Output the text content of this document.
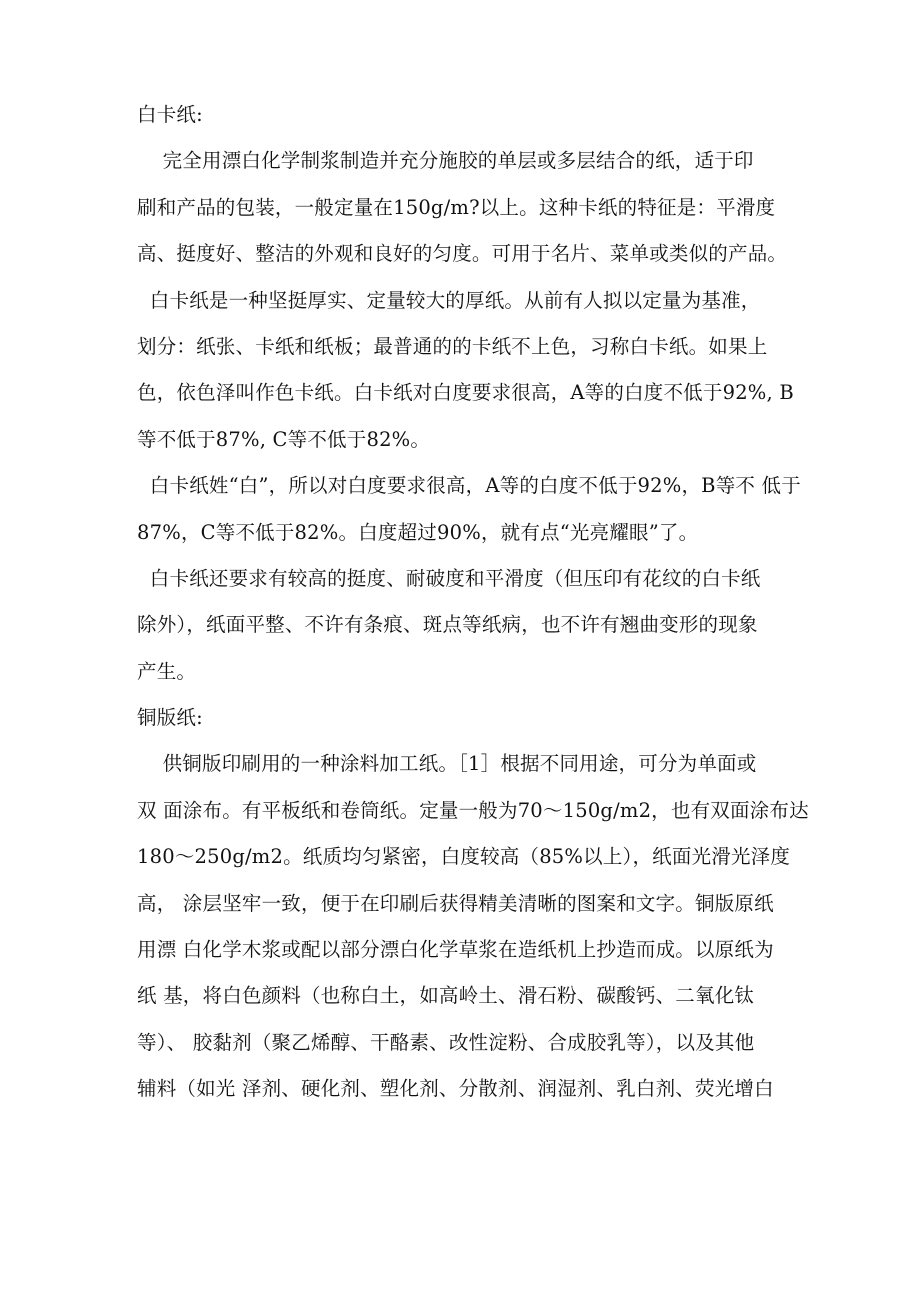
白卡纸:
完全用漂白化学制浆制造并充分施胶的单层或多层结合的纸，适于印
刷和产品的包装，一般定量在150g/m?以上。这种卡纸的特征是：平滑度
高、挺度好、整洁的外观和良好的匀度。可用于名片、菜单或类似的产品。
白卡纸是一种坚挺厚实、定量较大的厚纸。从前有人拟以定量为基准，
划分：纸张、卡纸和纸板；最普通的的卡纸不上色，习称白卡纸。如果上
色，依色泽叫作色卡纸。白卡纸对白度要求很高，A等的白度不低于92%, B
等不低于87%, C等不低于82%。
白卡纸姓“白”，所以对白度要求很高，A等的白度不低于92%，B等不 低于
87%，C等不低于82%。白度超过90%，就有点“光亮耀眼”了。
白卡纸还要求有较高的挺度、耐破度和平滑度（但压印有花纹的白卡纸
除外），纸面平整、不许有条痕、斑点等纸病，也不许有翘曲变形的现象
产生。
铜版纸:
供铜版印刷用的一种涂料加工纸。［1］根据不同用途，可分为单面或
双 面涂布。有平板纸和卷筒纸。定量一般为70～150g/m2，也有双面涂布达
180～250g/m2。纸质均匀紧密，白度较高（85%以上），纸面光滑光泽度
高， 涂层坚牢一致，便于在印刷后获得精美清晰的图案和文字。铜版原纸
用漂 白化学木浆或配以部分漂白化学草浆在造纸机上抄造而成。以原纸为
纸 基，将白色颜料（也称白土，如高岭土、滑石粉、碳酸钙、二氧化钛
等）、 胶黏剂（聚乙烯醇、干酪素、改性淀粉、合成胶乳等），以及其他
辅料（如光 泽剂、硬化剂、塑化剂、分散剂、润湿剂、乳白剂、荧光增白
